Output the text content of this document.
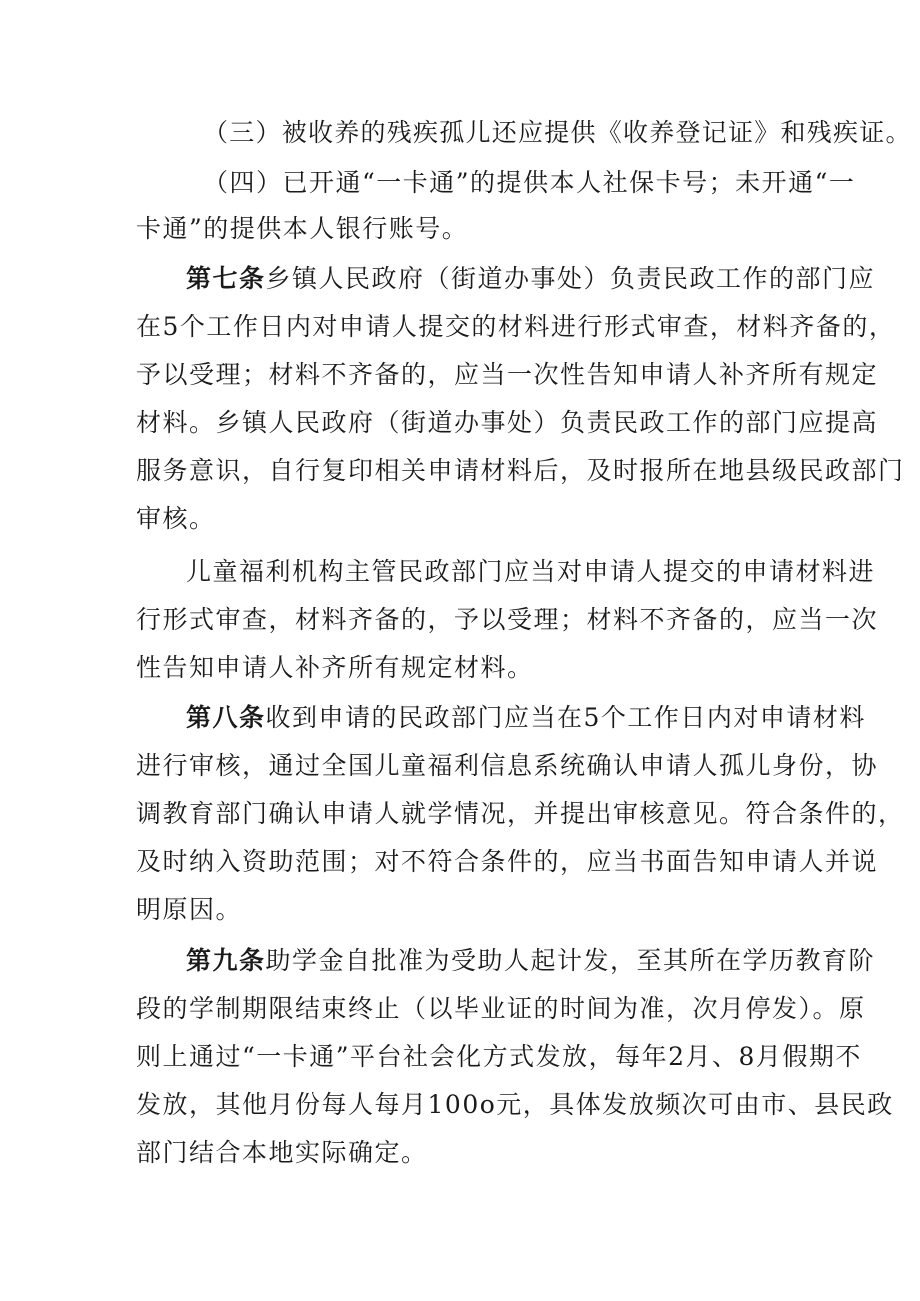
（三）被收养的残疾孤儿还应提供《收养登记证》和残疾证。
（四）已开通“一卡通”的提供本人社保卡号；未开通“一
卡通”的提供本人银行账号。
第七条乡镇人民政府（街道办事处）负责民政工作的部门应
在5个工作日内对申请人提交的材料进行形式审查，材料齐备的，
予以受理；材料不齐备的，应当一次性告知申请人补齐所有规定
材料。乡镇人民政府（街道办事处）负责民政工作的部门应提高
服务意识，自行复印相关申请材料后，及时报所在地县级民政部门
审核。
儿童福利机构主管民政部门应当对申请人提交的申请材料进
行形式审查，材料齐备的，予以受理；材料不齐备的，应当一次
性告知申请人补齐所有规定材料。
第八条收到申请的民政部门应当在5个工作日内对申请材料
进行审核，通过全国儿童福利信息系统确认申请人孤儿身份，协
调教育部门确认申请人就学情况，并提出审核意见。符合条件的，
及时纳入资助范围；对不符合条件的，应当书面告知申请人并说
明原因。
第九条助学金自批准为受助人起计发，至其所在学历教育阶
段的学制期限结束终止（以毕业证的时间为准，次月停发）。原
则上通过“一卡通”平台社会化方式发放，每年2月、8月假期不
发放，其他月份每人每月100o元，具体发放频次可由市、县民政
部门结合本地实际确定。
